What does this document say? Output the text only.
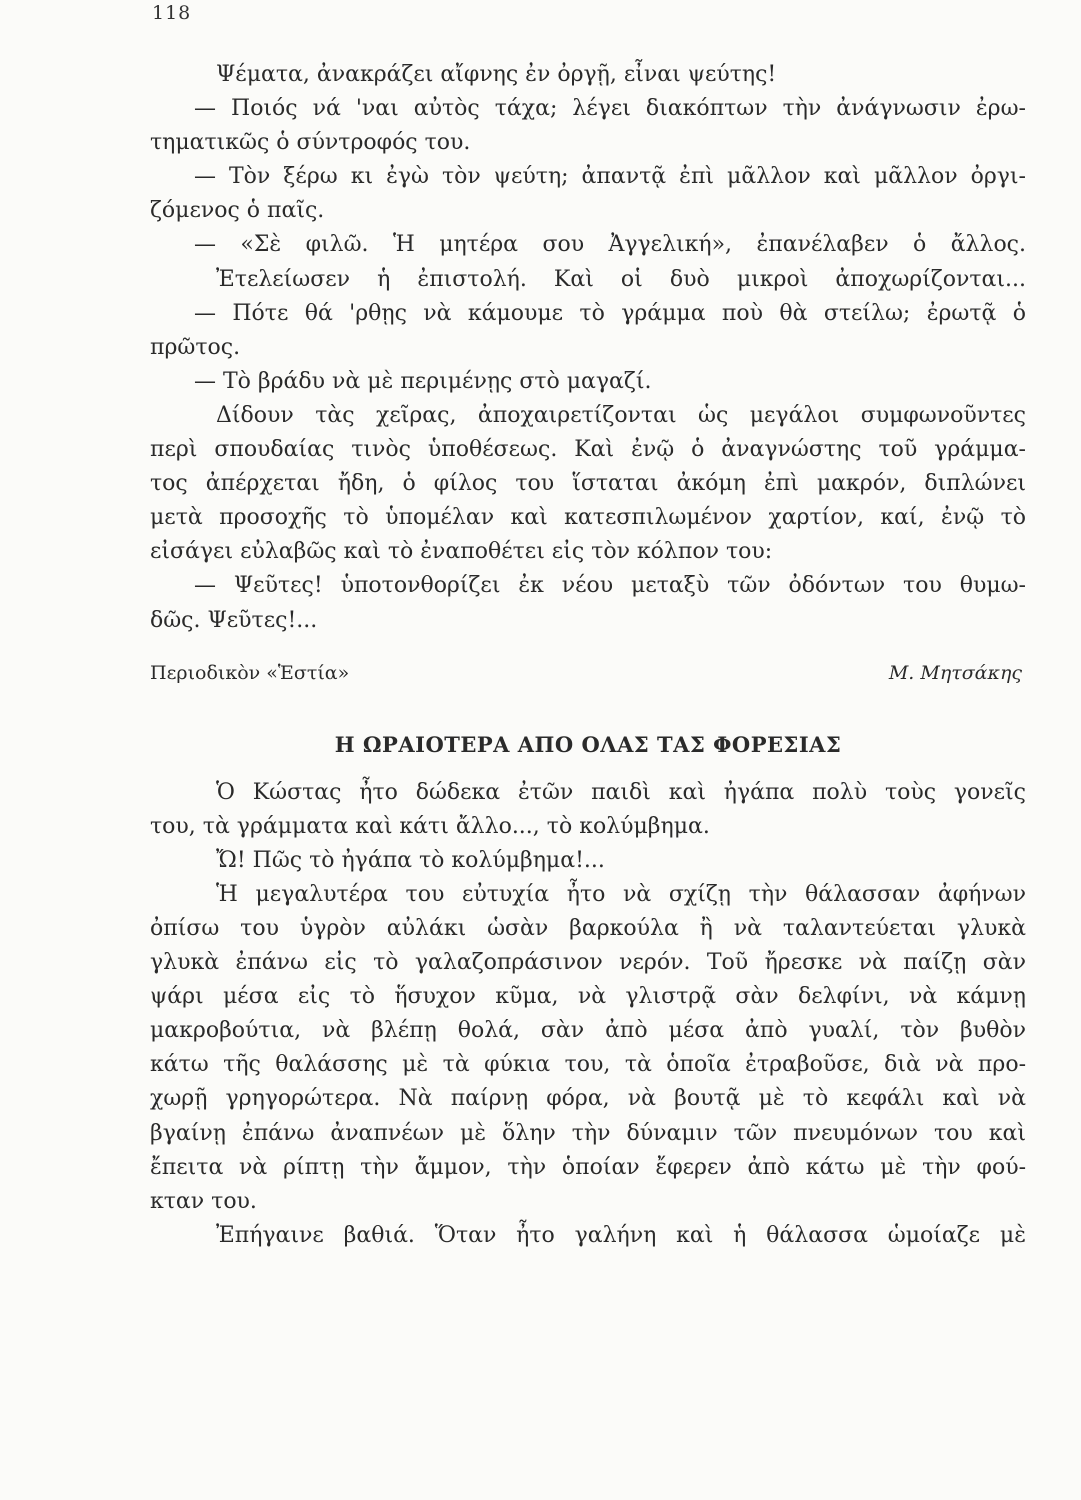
118
Ψέματα, ἀνακράζει αἴφνης ἐν ὀργῇ, εἶναι ψεύτης!
— Ποιός νά 'ναι αὐτὸς τάχα; λέγει διακόπτων τὴν ἀνάγνωσιν ἐρω-
τηματικῶς ὁ σύντροφός του.
— Τὸν ξέρω κι ἐγὼ τὸν ψεύτη; ἀπαντᾷ ἐπὶ μᾶλλον καὶ μᾶλλον ὀργι-
ζόμενος ὁ παῖς.
— «Σὲ φιλῶ. Ἡ μητέρα σου Ἀγγελική», ἐπανέλαβεν ὁ ἄλλος.
Ἐτελείωσεν ἡ ἐπιστολή. Καὶ οἱ δυὸ μικροὶ ἀποχωρίζονται...
— Πότε θά 'ρθῃς νὰ κάμουμε τὸ γράμμα ποὺ θὰ στείλω; ἐρωτᾷ ὁ
πρῶτος.
— Τὸ βράδυ νὰ μὲ περιμένῃς στὸ μαγαζί.
Δίδουν τὰς χεῖρας, ἀποχαιρετίζονται ὡς μεγάλοι συμφωνοῦντες
περὶ σπουδαίας τινὸς ὑποθέσεως. Καὶ ἐνῷ ὁ ἀναγνώστης τοῦ γράμμα-
τος ἀπέρχεται ἤδη, ὁ φίλος του ἵσταται ἀκόμη ἐπὶ μακρόν, διπλώνει
μετὰ προσοχῆς τὸ ὑπομέλαν καὶ κατεσπιλωμένον χαρτίον, καί, ἐνῷ τὸ
εἰσάγει εὐλαβῶς καὶ τὸ ἐναποθέτει εἰς τὸν κόλπον του:
— Ψεῦτες! ὑποτονθορίζει ἐκ νέου μεταξὺ τῶν ὀδόντων του θυμω-
δῶς. Ψεῦτες!...
Περιοδικὸν «Ἑστία»	Μ. Μητσάκης
Η ΩΡΑΙΟΤΕΡΑ ΑΠΟ ΟΛΑΣ ΤΑΣ ΦΟΡΕΣΙΑΣ
Ὁ Κώστας ἦτο δώδεκα ἐτῶν παιδὶ καὶ ἠγάπα πολὺ τοὺς γονεῖς
του, τὰ γράμματα καὶ κάτι ἄλλο..., τὸ κολύμβημα.
Ὤ! Πῶς τὸ ἠγάπα τὸ κολύμβημα!...
Ἡ μεγαλυτέρα του εὐτυχία ἦτο νὰ σχίζῃ τὴν θάλασσαν ἀφήνων
ὀπίσω του ὑγρὸν αὐλάκι ὡσὰν βαρκούλα ἢ νὰ ταλαντεύεται γλυκὰ
γλυκὰ ἐπάνω εἰς τὸ γαλαζοπράσινον νερόν. Τοῦ ἤρεσκε νὰ παίζῃ σὰν
ψάρι μέσα εἰς τὸ ἥσυχον κῦμα, νὰ γλιστρᾷ σὰν δελφίνι, νὰ κάμνῃ
μακροβούτια, νὰ βλέπῃ θολά, σὰν ἀπὸ μέσα ἀπὸ γυαλί, τὸν βυθὸν
κάτω τῆς θαλάσσης μὲ τὰ φύκια του, τὰ ὁποῖα ἐτραβοῦσε, διὰ νὰ προ-
χωρῇ γρηγορώτερα. Νὰ παίρνῃ φόρα, νὰ βουτᾷ μὲ τὸ κεφάλι καὶ νὰ
βγαίνῃ ἐπάνω ἀναπνέων μὲ ὅλην τὴν δύναμιν τῶν πνευμόνων του καὶ
ἔπειτα νὰ ρίπτῃ τὴν ἄμμον, τὴν ὁποίαν ἔφερεν ἀπὸ κάτω μὲ τὴν φού-
κταν του.
Ἐπήγαινε βαθιά. Ὅταν ἦτο γαλήνη καὶ ἡ θάλασσα ὡμοίαζε μὲ
